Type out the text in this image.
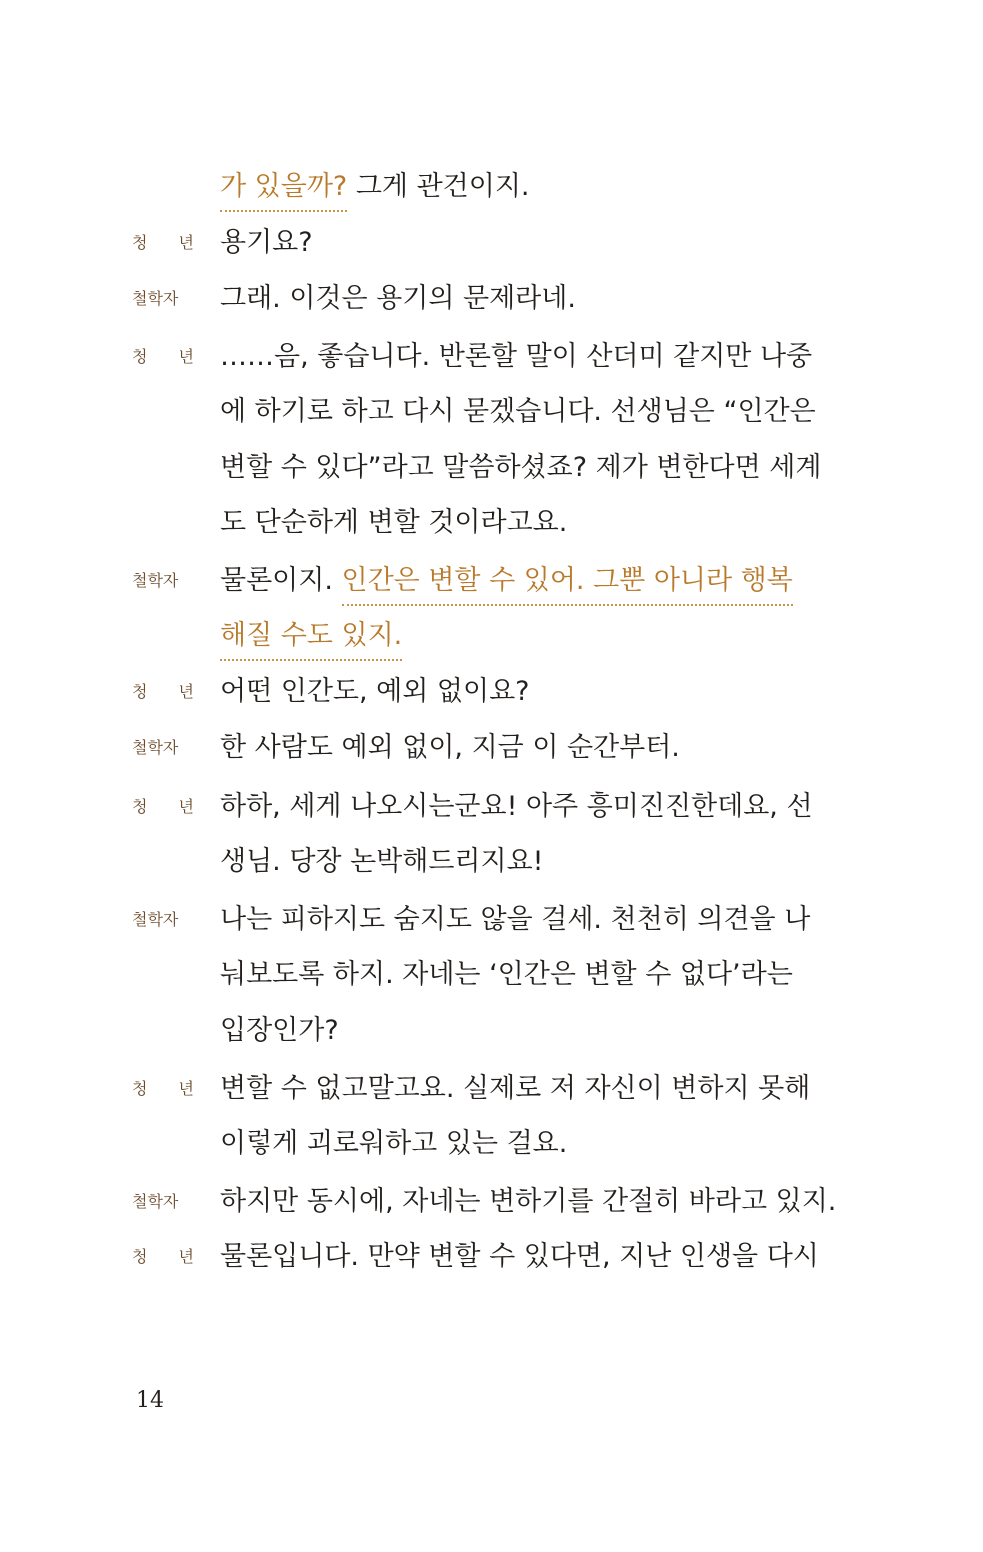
가 있을까? 그게 관건이지.
청 년 용기요?
철학자 그래. 이것은 용기의 문제라네.
청 년 ……음, 좋습니다. 반론할 말이 산더미 같지만 나중
에 하기로 하고 다시 묻겠습니다. 선생님은 “인간은
변할 수 있다”라고 말씀하셨죠? 제가 변한다면 세계
도 단순하게 변할 것이라고요.
철학자 물론이지. 인간은 변할 수 있어. 그뿐 아니라 행복
해질 수도 있지.
청 년 어떤 인간도, 예외 없이요?
철학자 한 사람도 예외 없이, 지금 이 순간부터.
청 년 하하, 세게 나오시는군요! 아주 흥미진진한데요, 선
생님. 당장 논박해드리지요!
철학자 나는 피하지도 숨지도 않을 걸세. 천천히 의견을 나
눠보도록 하지. 자네는 ‘인간은 변할 수 없다’라는
입장인가?
청 년 변할 수 없고말고요. 실제로 저 자신이 변하지 못해
이렇게 괴로워하고 있는 걸요.
철학자 하지만 동시에, 자네는 변하기를 간절히 바라고 있지.
청 년 물론입니다. 만약 변할 수 있다면, 지난 인생을 다시
14
